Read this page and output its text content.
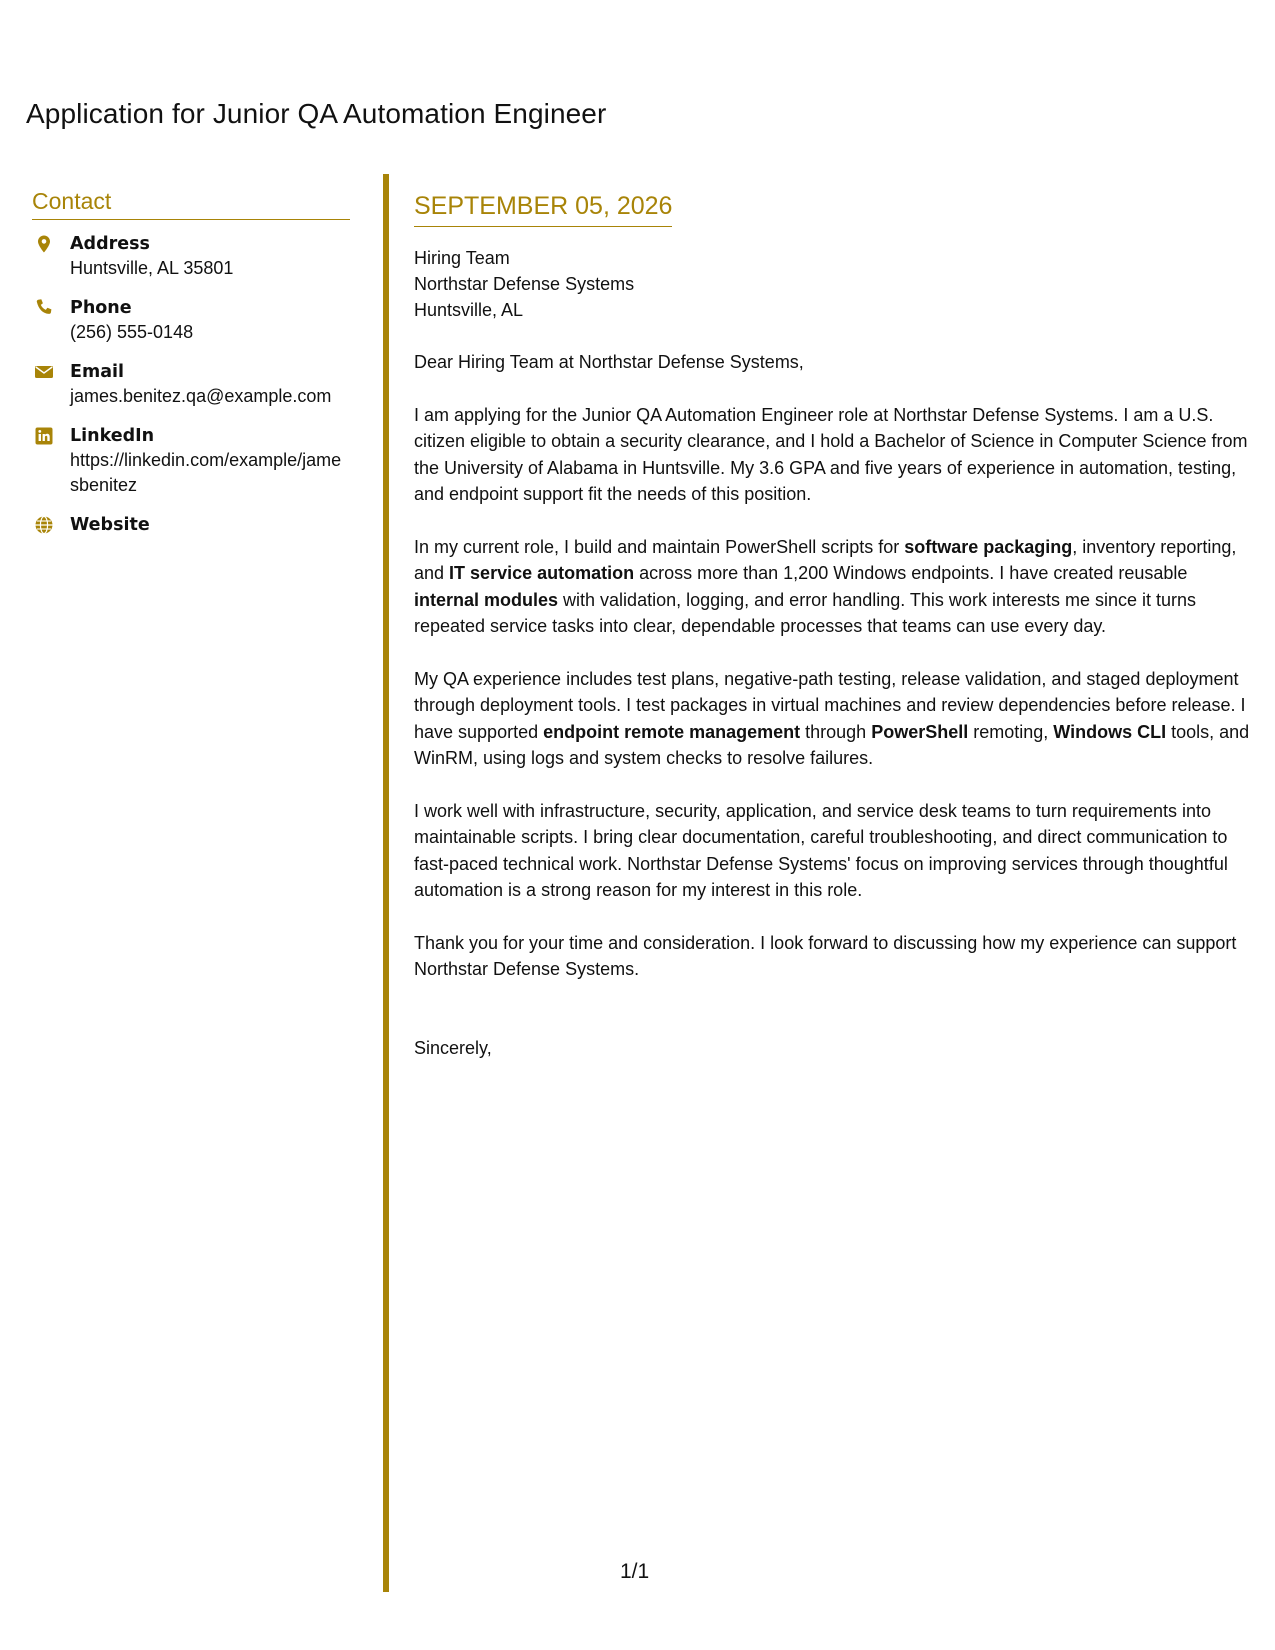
Application for Junior QA Automation Engineer
Contact
Address
Huntsville, AL 35801
Phone
(256) 555-0148
Email
james.benitez.qa@example.com
LinkedIn
https://linkedin.com/example/jamesbenitez
Website
SEPTEMBER 05, 2026
Hiring Team
Northstar Defense Systems
Huntsville, AL

Dear Hiring Team at Northstar Defense Systems,

I am applying for the Junior QA Automation Engineer role at Northstar Defense Systems. I am a U.S. citizen eligible to obtain a security clearance, and I hold a Bachelor of Science in Computer Science from the University of Alabama in Huntsville. My 3.6 GPA and five years of experience in automation, testing, and endpoint support fit the needs of this position.

In my current role, I build and maintain PowerShell scripts for software packaging, inventory reporting, and IT service automation across more than 1,200 Windows endpoints. I have created reusable internal modules with validation, logging, and error handling. This work interests me since it turns repeated service tasks into clear, dependable processes that teams can use every day.

My QA experience includes test plans, negative-path testing, release validation, and staged deployment through deployment tools. I test packages in virtual machines and review dependencies before release. I have supported endpoint remote management through PowerShell remoting, Windows CLI tools, and WinRM, using logs and system checks to resolve failures.

I work well with infrastructure, security, application, and service desk teams to turn requirements into maintainable scripts. I bring clear documentation, careful troubleshooting, and direct communication to fast-paced technical work. Northstar Defense Systems' focus on improving services through thoughtful automation is a strong reason for my interest in this role.

Thank you for your time and consideration. I look forward to discussing how my experience can support Northstar Defense Systems.

Sincerely,

1/1
